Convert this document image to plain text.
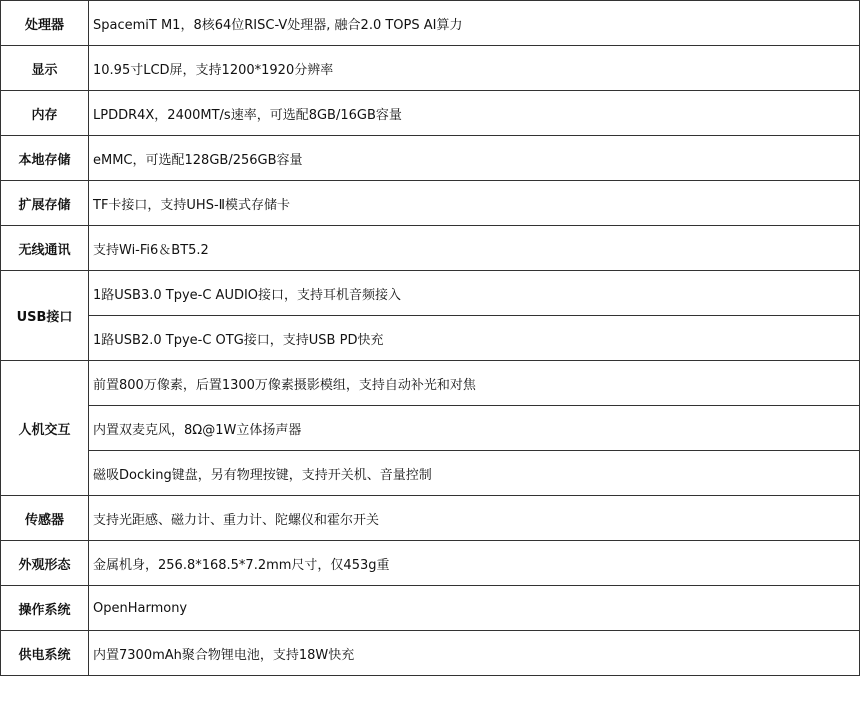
处理器	SpacemiT M1，8核64位RISC-V处理器, 融合2.0 TOPS AI算力
显示	10.95寸LCD屏，支持1200*1920分辨率
内存	LPDDR4X，2400MT/s速率，可选配8GB/16GB容量
本地存储	eMMC，可选配128GB/256GB容量
扩展存储	TF卡接口，支持UHS-Ⅱ模式存储卡
无线通讯	支持Wi-Fi6＆BT5.2
USB接口	1路USB3.0 Tpye-C AUDIO接口，支持耳机音频接入
	1路USB2.0 Tpye-C OTG接口，支持USB PD快充
人机交互	前置800万像素，后置1300万像素摄影模组，支持自动补光和对焦
	内置双麦克风，8Ω@1W立体扬声器
	磁吸Docking键盘，另有物理按键，支持开关机、音量控制
传感器	支持光距感、磁力计、重力计、陀螺仪和霍尔开关
外观形态	金属机身，256.8*168.5*7.2mm尺寸，仅453g重
操作系统	OpenHarmony
供电系统	内置7300mAh聚合物锂电池，支持18W快充
